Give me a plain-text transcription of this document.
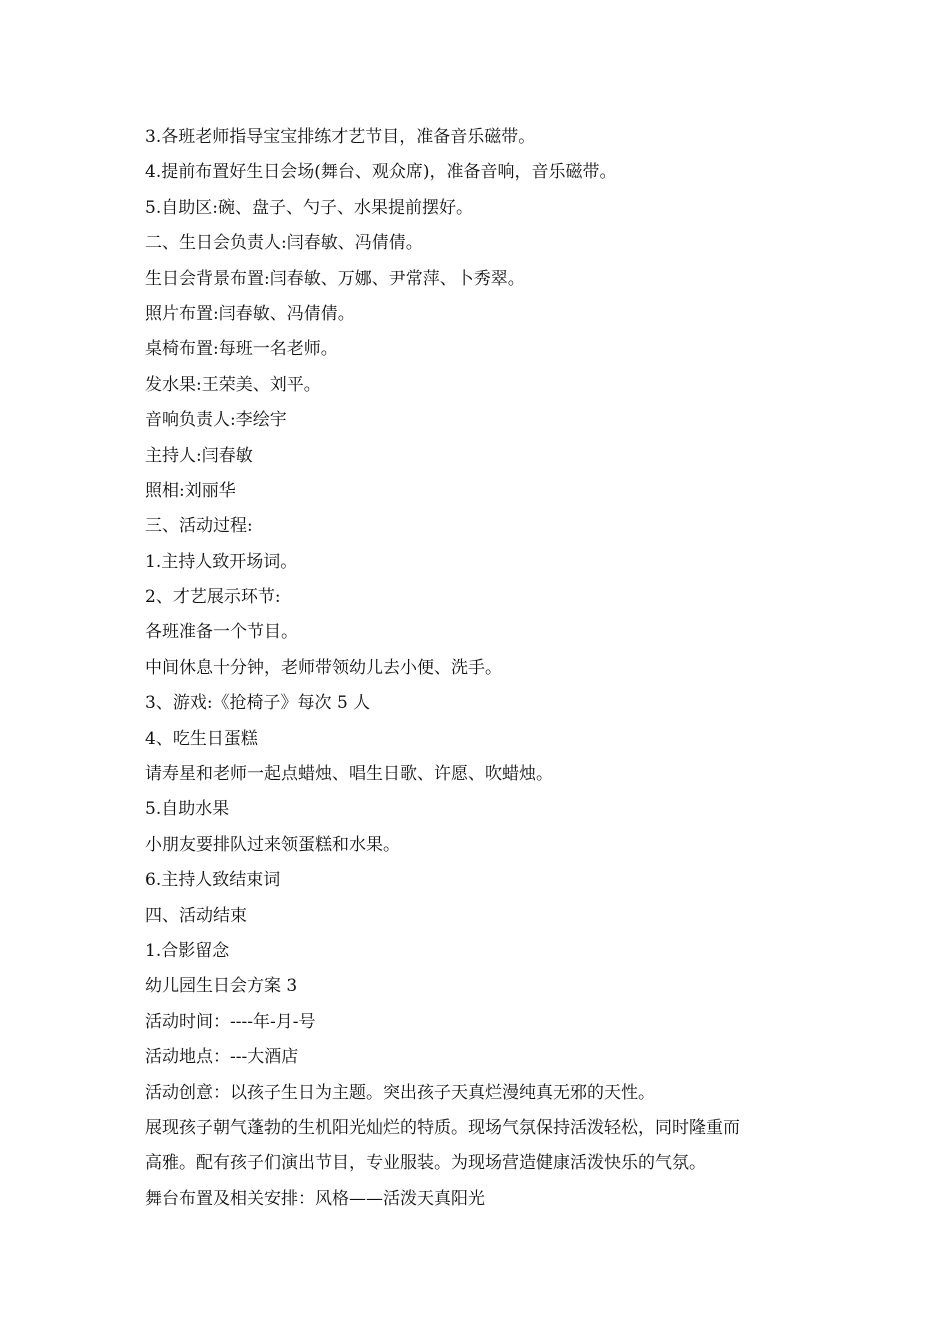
3.各班老师指导宝宝排练才艺节目，准备音乐磁带。
4.提前布置好生日会场(舞台、观众席)，准备音响，音乐磁带。
5.自助区:碗、盘子、勺子、水果提前摆好。
二、生日会负责人:闫春敏、冯倩倩。
生日会背景布置:闫春敏、万娜、尹常萍、卜秀翠。
照片布置:闫春敏、冯倩倩。
桌椅布置:每班一名老师。
发水果:王荣美、刘平。
音响负责人:李绘宇
主持人:闫春敏
照相:刘丽华
三、活动过程:
1.主持人致开场词。
2、才艺展示环节:
各班准备一个节目。
中间休息十分钟，老师带领幼儿去小便、洗手。
3、游戏:《抢椅子》每次 5 人
4、吃生日蛋糕
请寿星和老师一起点蜡烛、唱生日歌、许愿、吹蜡烛。
5.自助水果
小朋友要排队过来领蛋糕和水果。
6.主持人致结束词
四、活动结束
1.合影留念
幼儿园生日会方案 3
活动时间：----年-月-号
活动地点：---大酒店
活动创意：以孩子生日为主题。突出孩子天真烂漫纯真无邪的天性。
展现孩子朝气蓬勃的生机阳光灿烂的特质。现场气氛保持活泼轻松，同时隆重而
高雅。配有孩子们演出节目，专业服装。为现场营造健康活泼快乐的气氛。
舞台布置及相关安排：风格——活泼天真阳光
